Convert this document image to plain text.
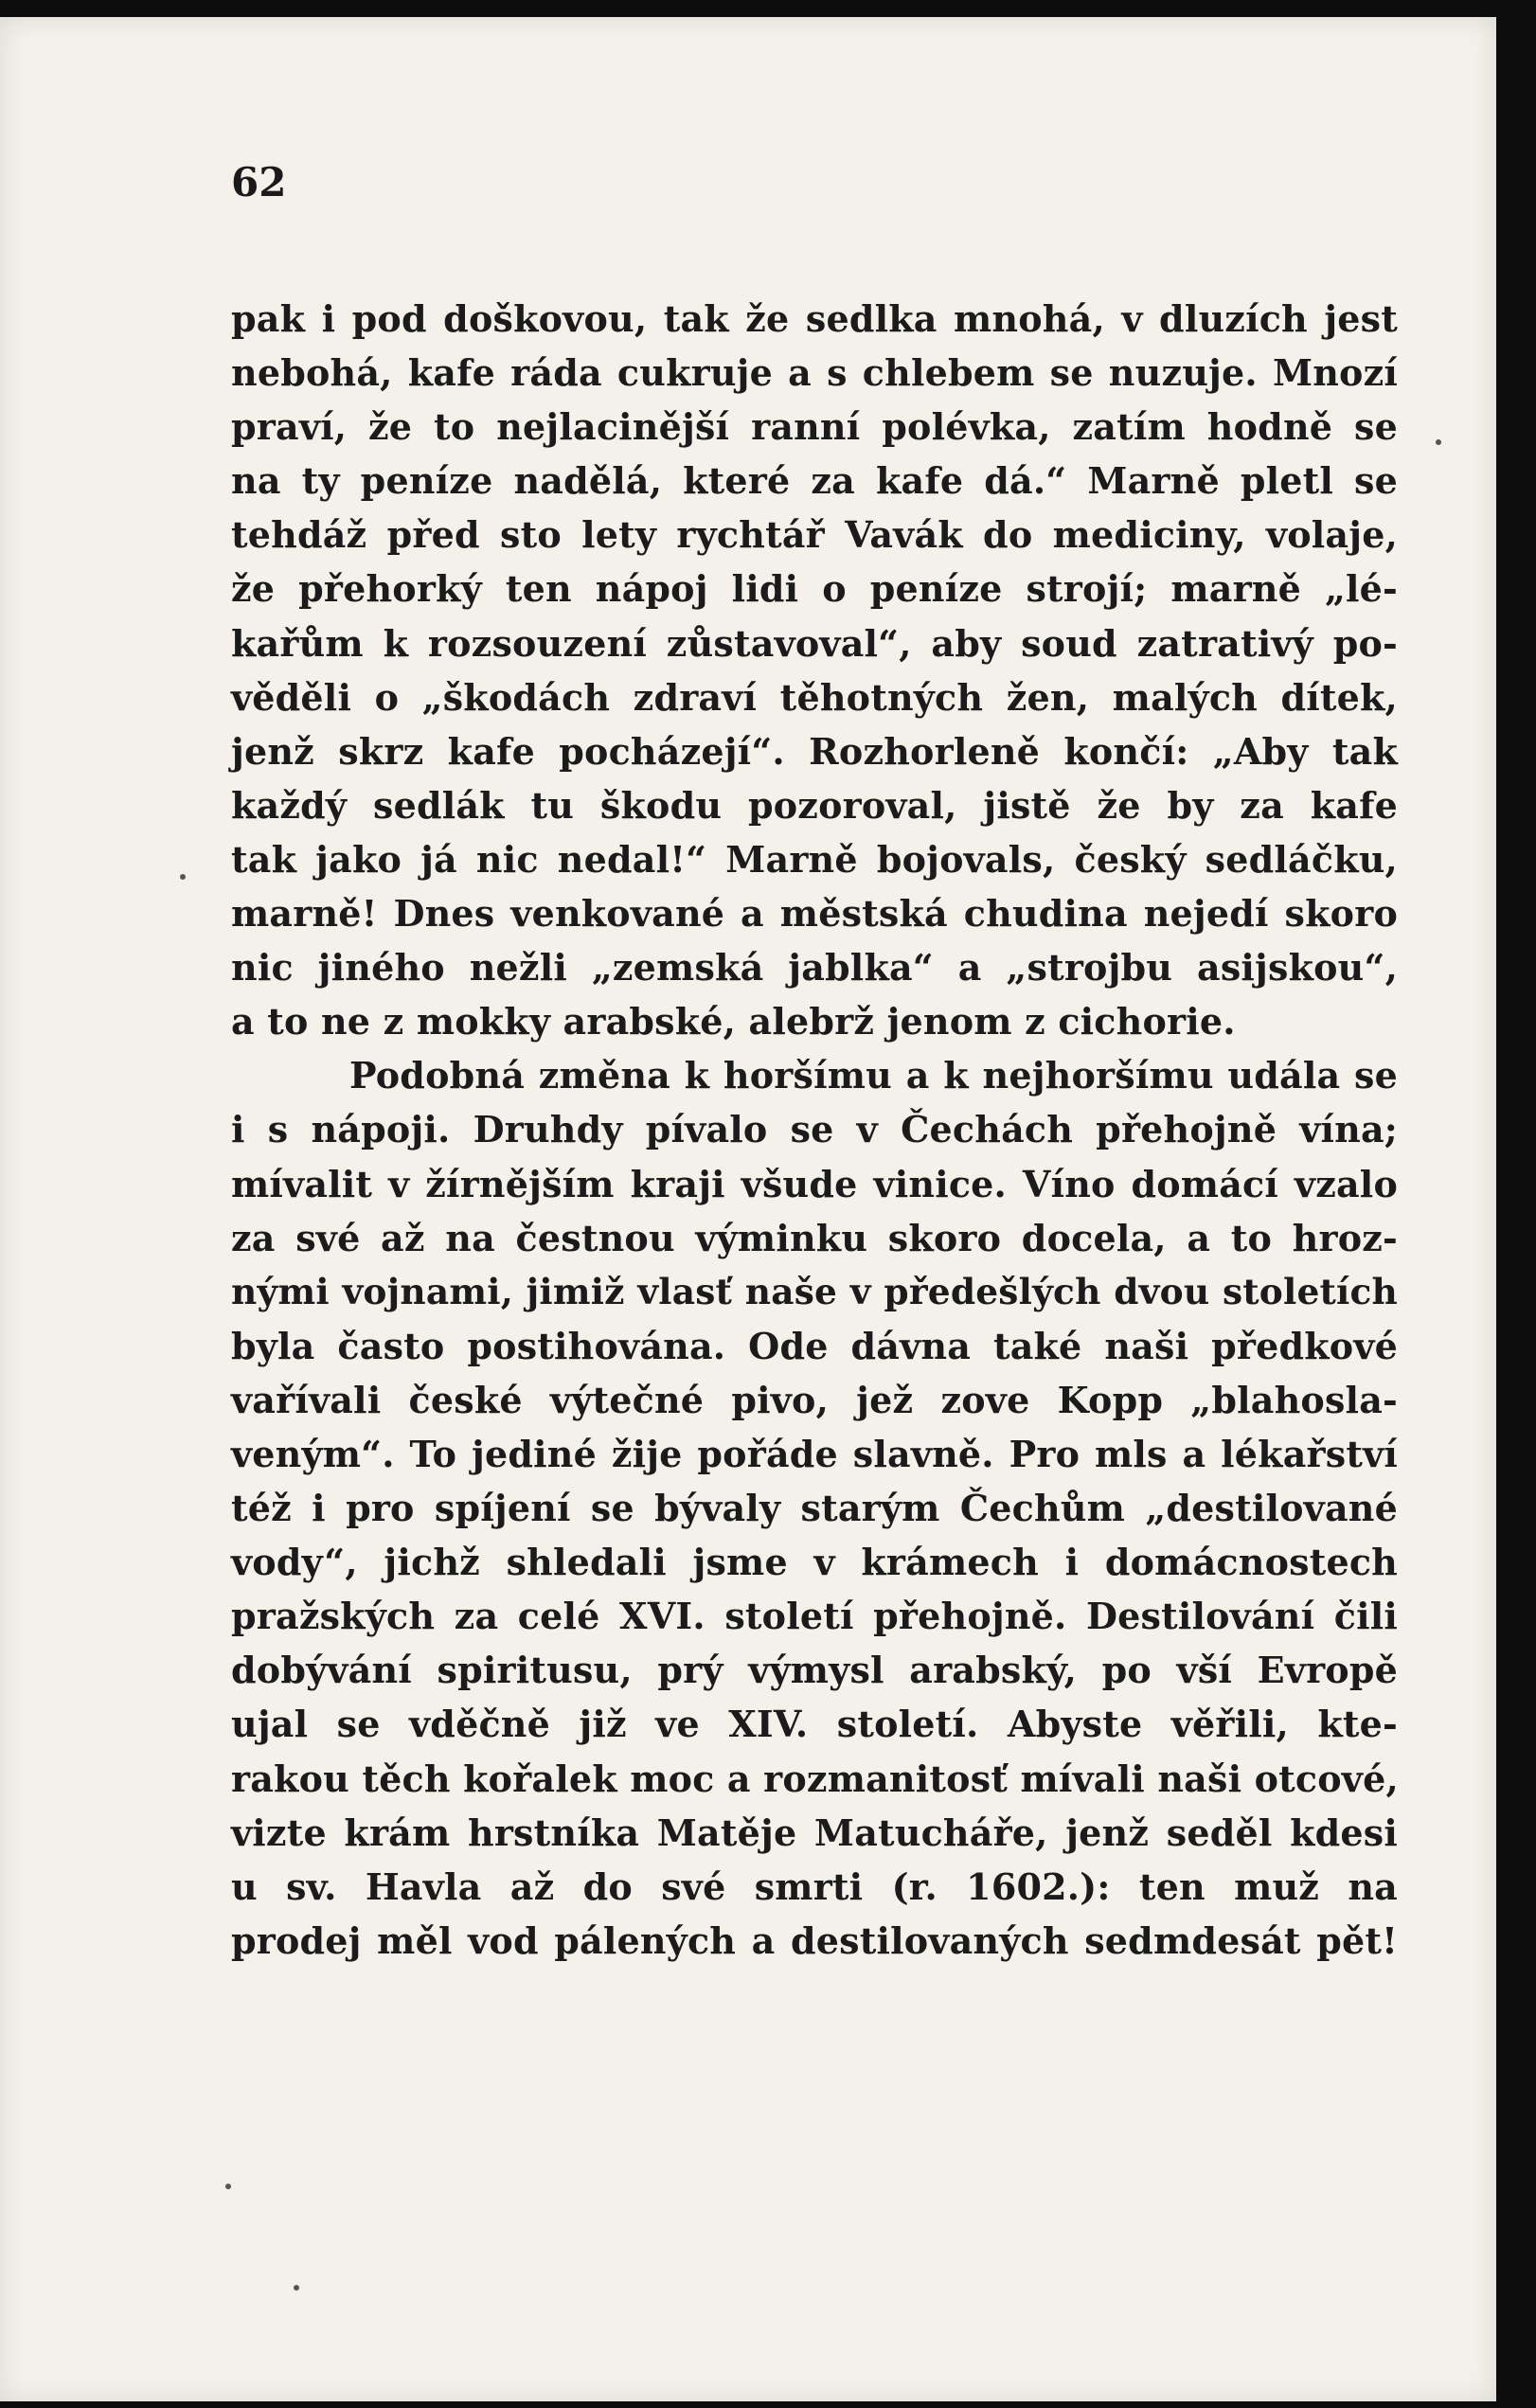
62
pak i pod doškovou, tak že sedlka mnohá, v dluzích jest
nebohá, kafe ráda cukruje a s chlebem se nuzuje. Mnozí
praví, že to nejlacinější ranní polévka, zatím hodně se
na ty peníze nadělá, které za kafe dá.“ Marně pletl se
tehdáž před sto lety rychtář Vavák do mediciny, volaje,
že přehorký ten nápoj lidi o peníze strojí; marně „lé-
kařům k rozsouzení zůstavoval“, aby soud zatrativý po-
věděli o „škodách zdraví těhotných žen, malých dítek,
jenž skrz kafe pocházejí“. Rozhorleně končí: „Aby tak
každý sedlák tu škodu pozoroval, jistě že by za kafe
tak jako já nic nedal!“ Marně bojovals, český sedláčku,
marně! Dnes venkované a městská chudina nejedí skoro
nic jiného nežli „zemská jablka“ a „strojbu asijskou“,
a to ne z mokky arabské, alebrž jenom z cichorie.
Podobná změna k horšímu a k nejhoršímu udála se
i s nápoji. Druhdy pívalo se v Čechách přehojně vína;
mívalit v žírnějším kraji všude vinice. Víno domácí vzalo
za své až na čestnou výminku skoro docela, a to hroz-
nými vojnami, jimiž vlasť naše v předešlých dvou stoletích
byla často postihována. Ode dávna také naši předkové
vařívali české výtečné pivo, jež zove Kopp „blahosla-
veným“. To jediné žije pořáde slavně. Pro mls a lékařství
též i pro spíjení se bývaly starým Čechům „destilované
vody“, jichž shledali jsme v krámech i domácnostech
pražských za celé XVI. století přehojně. Destilování čili
dobývání spiritusu, prý výmysl arabský, po vší Evropě
ujal se vděčně již ve XIV. století. Abyste věřili, kte-
rakou těch kořalek moc a rozmanitosť mívali naši otcové,
vizte krám hrstníka Matěje Matucháře, jenž seděl kdesi
u sv. Havla až do své smrti (r. 1602.): ten muž na
prodej měl vod pálených a destilovaných sedmdesát pět!
